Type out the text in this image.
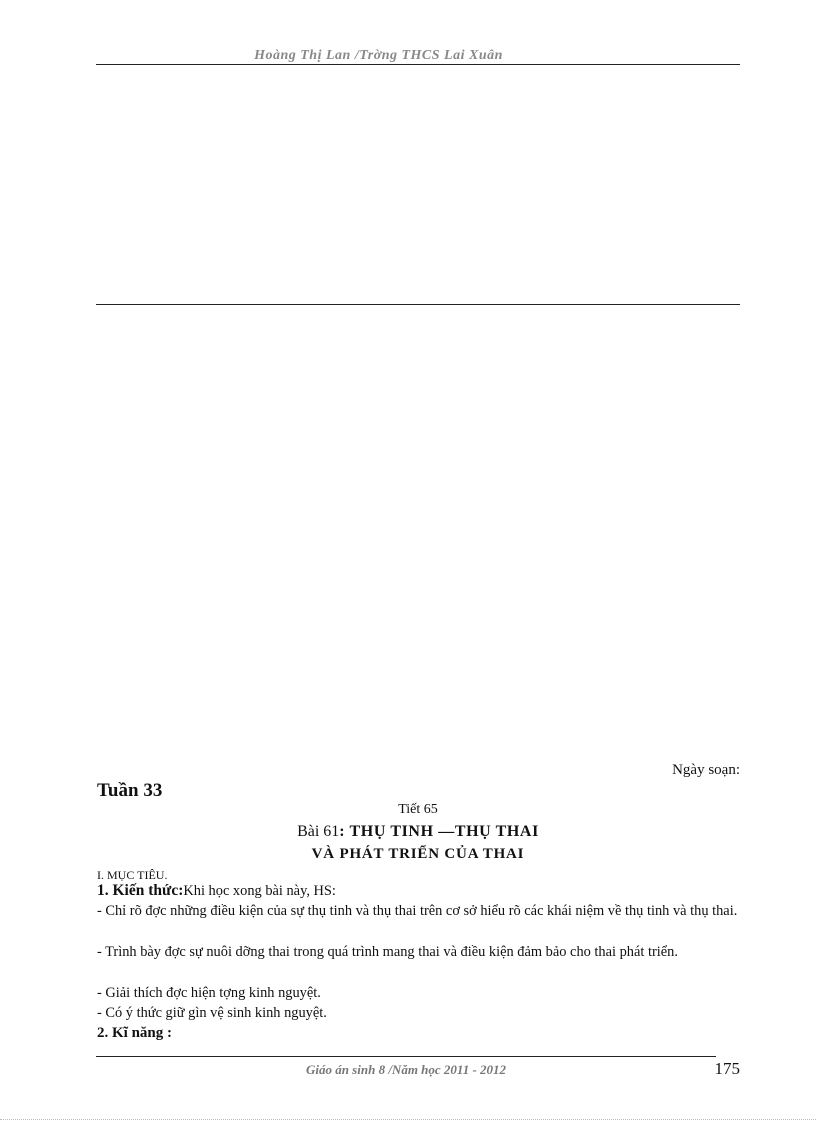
Hoàng Thị Lan /Trờng THCS Lai Xuân
Ngày soạn:
Tuần 33
Tiết 65
Bài 61: THỤ TINH —THỤ THAI
VÀ PHÁT TRIỂN CỦA THAI
I. MỤC TIÊU.
1. Kiến thức:Khi học xong bài này, HS:
- Chỉ rõ đợc những điều kiện của sự thụ tinh và thụ thai trên cơ sở hiểu rõ các khái niệm về thụ tinh và thụ thai.
- Trình bày đợc sự nuôi dỡng thai trong quá trình mang thai và điều kiện đảm bảo cho thai phát triển.
- Giải thích đợc hiện tợng kinh nguyệt.
- Có ý thức giữ gìn vệ sinh kinh nguyệt.
2. Kĩ năng :
Giáo án sinh 8 /Năm học 2011 - 2012	175
